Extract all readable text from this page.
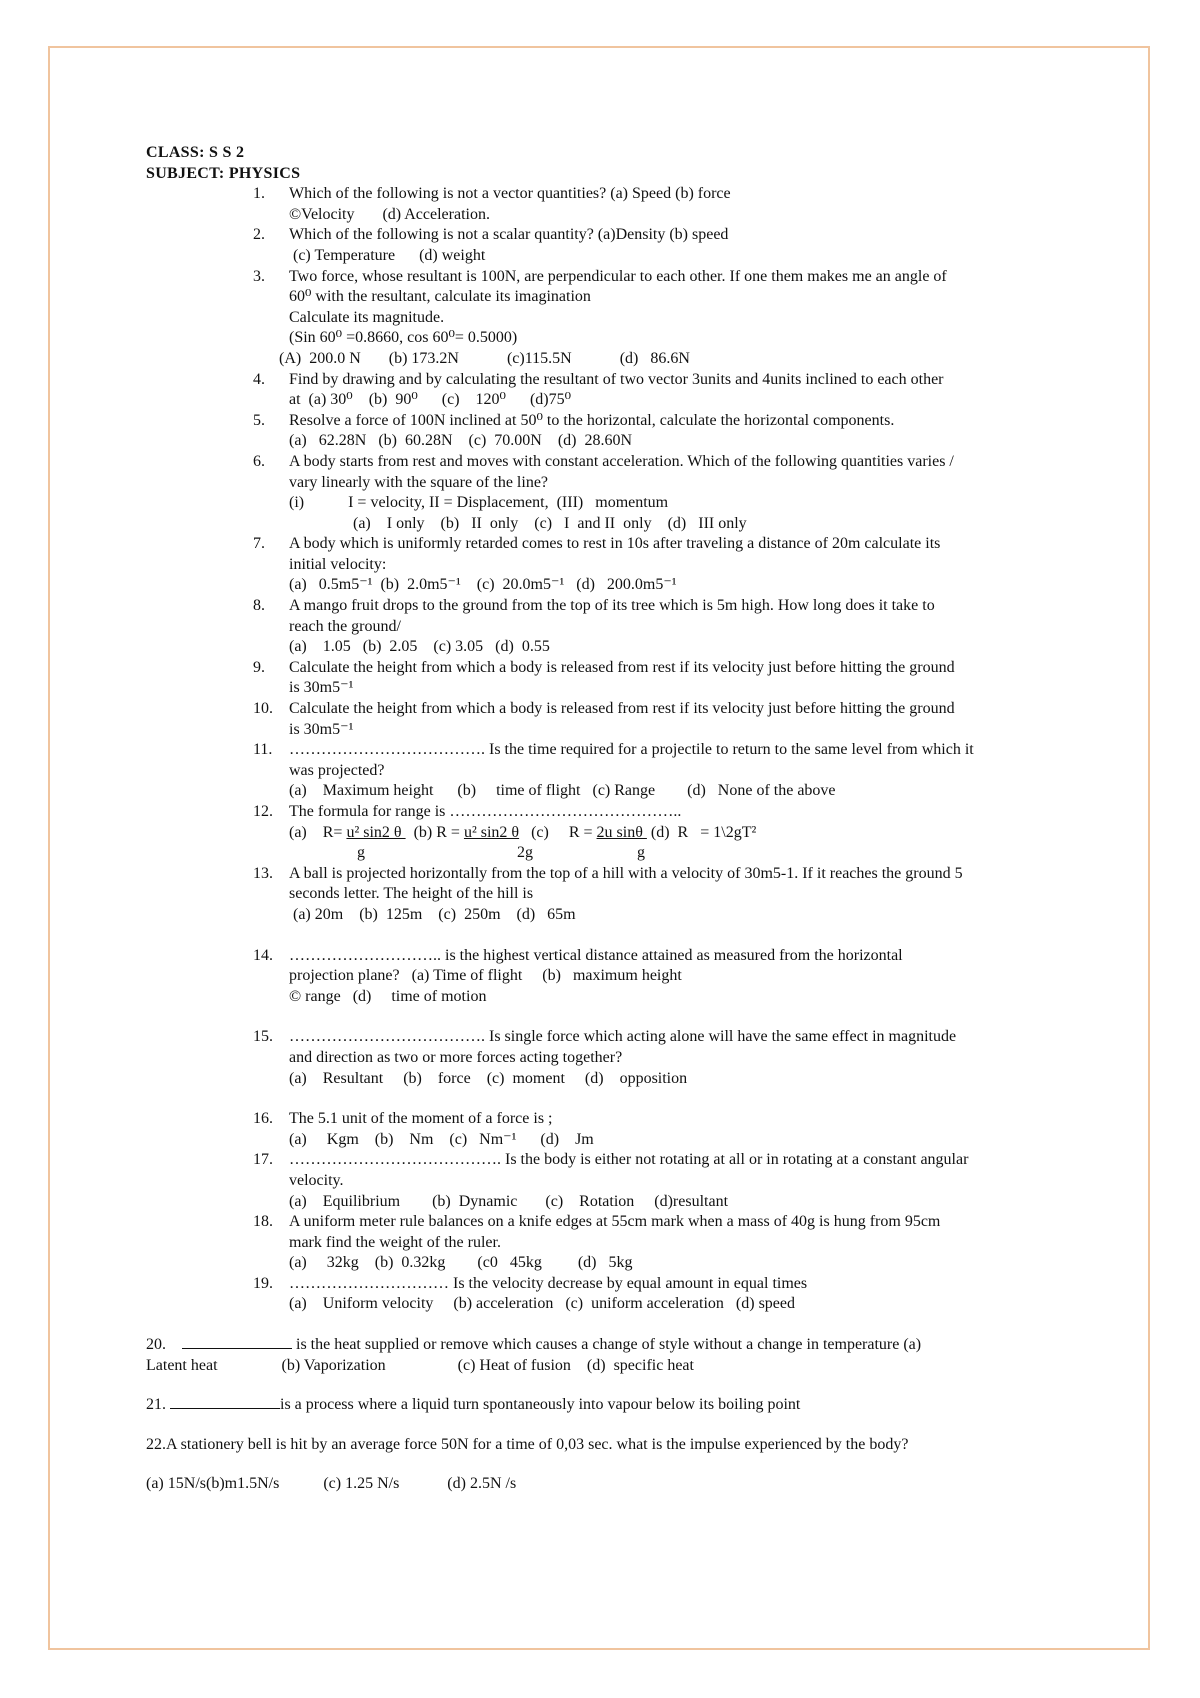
CLASS: S S 2
SUBJECT: PHYSICS
1.	Which of the following is not a vector quantities? (a) Speed (b) force
©Velocity       (d) Acceleration.
2.	Which of the following is not a scalar quantity? (a)Density (b) speed
(c) Temperature      (d) weight
3.	Two force, whose resultant is 100N, are perpendicular to each other. If one them makes me an angle of
60⁰ with the resultant, calculate its imagination
Calculate its magnitude.
(Sin 60⁰ =0.8660, cos 60⁰= 0.5000)
(A)  200.0 N       (b) 173.2N            (c)115.5N            (d)   86.6N
4.	Find by drawing and by calculating the resultant of two vector 3units and 4units inclined to each other
at  (a) 30⁰    (b)  90⁰      (c)    120⁰      (d)75⁰
5.	Resolve a force of 100N inclined at 50⁰ to the horizontal, calculate the horizontal components.
(a)   62.28N   (b)  60.28N    (c)  70.00N    (d)  28.60N
6.	A body starts from rest and moves with constant acceleration. Which of the following quantities varies /
vary linearly with the square of the line?
(i)           I = velocity, II = Displacement,  (III)   momentum
(a)    I only    (b)   II  only    (c)   I  and II  only    (d)   III only
7.	A body which is uniformly retarded comes to rest in 10s after traveling a distance of 20m calculate its
initial velocity:
(a)   0.5m5⁻¹  (b)  2.0m5⁻¹    (c)  20.0m5⁻¹   (d)   200.0m5⁻¹
8.	A mango fruit drops to the ground from the top of its tree which is 5m high. How long does it take to
reach the ground/
(a)    1.05   (b)  2.05    (c) 3.05   (d)  0.55
9.	Calculate the height from which a body is released from rest if its velocity just before hitting the ground
is 30m5⁻¹
10.	Calculate the height from which a body is released from rest if its velocity just before hitting the ground
is 30m5⁻¹
11.	………………………………. Is the time required for a projectile to return to the same level from which it
was projected?
(a)    Maximum height      (b)     time of flight   (c) Range        (d)   None of the above
12.	The formula for range is ……………………………………..
(a)    R= u² sin2 θ   (b) R = u² sin2 θ   (c)     R = 2u sinθ  (d)  R   = 1\2gT²
g                                      2g                          g
13.	A ball is projected horizontally from the top of a hill with a velocity of 30m5-1. If it reaches the ground 5
seconds letter. The height of the hill is
(a) 20m    (b)  125m    (c)  250m    (d)   65m
14.	……………………….. is the highest vertical distance attained as measured from the horizontal
projection plane?   (a) Time of flight     (b)   maximum height
© range   (d)     time of motion
15.	………………………………. Is single force which acting alone will have the same effect in magnitude
and direction as two or more forces acting together?
(a)    Resultant     (b)    force    (c)  moment     (d)    opposition
16.	The 5.1 unit of the moment of a force is ;
(a)     Kgm    (b)    Nm    (c)   Nm⁻¹      (d)    Jm
17.	…………………………………. Is the body is either not rotating at all or in rotating at a constant angular
velocity.
(a)    Equilibrium        (b)  Dynamic       (c)    Rotation     (d)resultant
18.	A uniform meter rule balances on a knife edges at 55cm mark when a mass of 40g is hung from 95cm
mark find the weight of the ruler.
(a)     32kg    (b)  0.32kg        (c0   45kg         (d)   5kg
19.	………………………… Is the velocity decrease by equal amount in equal times
(a)    Uniform velocity     (b) acceleration   (c)  uniform acceleration   (d) speed

20.	is the heat supplied or remove which causes a change of style without a change in temperature (a)
Latent heat                (b) Vaporization                  (c) Heat of fusion    (d)  specific heat

21.	is a process where a liquid turn spontaneously into vapour below its boiling point

22.A stationery bell is hit by an average force 50N for a time of 0,03 sec. what is the impulse experienced by the body?

(a) 15N/s(b)m1.5N/s           (c) 1.25 N/s            (d) 2.5N /s
